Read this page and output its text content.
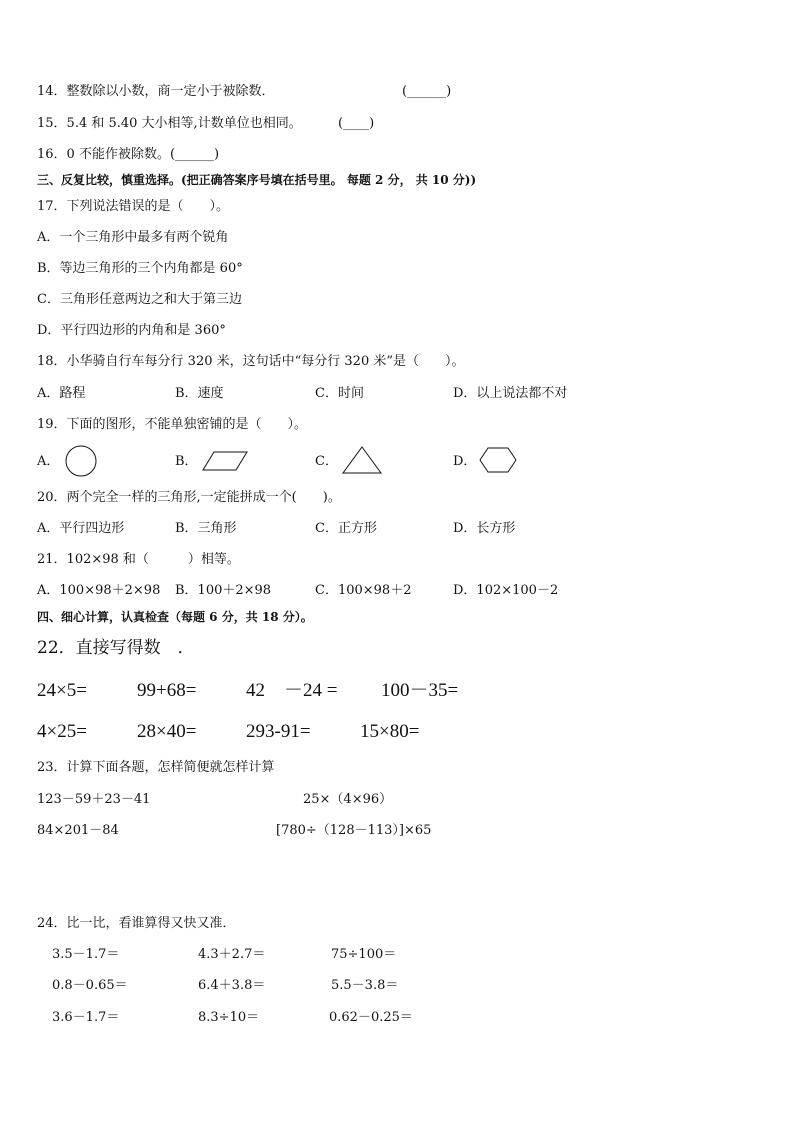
14．整数除以小数，商一定小于被除数．	(______)
15．5.4 和 5.40 大小相等,计数单位也相同。	(____)
16．0 不能作被除数。(______)
三、反复比较，慎重选择。(把正确答案序号填在括号里。 每题 2 分， 共 10 分))
17．下列说法错误的是（　　）。
A．一个三角形中最多有两个锐角
B．等边三角形的三个内角都是 60°
C．三角形任意两边之和大于第三边
D．平行四边形的内角和是 360°
18．小华骑自行车每分行 320 米，这句话中“每分行 320 米”是（　　）。
A．路程	B．速度	C．时间	D．以上说法都不对
19．下面的图形，不能单独密铺的是（　　）。
A．	B．	C．	D．
20．两个完全一样的三角形,一定能拼成一个(　　)。
A．平行四边形	B．三角形	C．正方形	D．长方形
21．102×98 和（　　　）相等。
A．100×98＋2×98 B．100＋2×98	C．100×98＋2	D．102×100－2
四、细心计算，认真检查（每题 6 分，共 18 分）。
22．直接写得数　．
24×5=	99+68=	42　－24 = 100－35=
4×25=	28×40=	293-91=	15×80=
23．计算下面各题，怎样简便就怎样计算
123－59＋23－41	25×（4×96）
84×201－84	[780÷（128－113）]×65
24．比一比，看谁算得又快又准．
3.5－1.7＝	4.3＋2.7＝	75÷100＝
0.8－0.65＝	6.4＋3.8＝	5.5－3.8＝
3.6－1.7＝	8.3÷10＝	0.62－0.25＝
